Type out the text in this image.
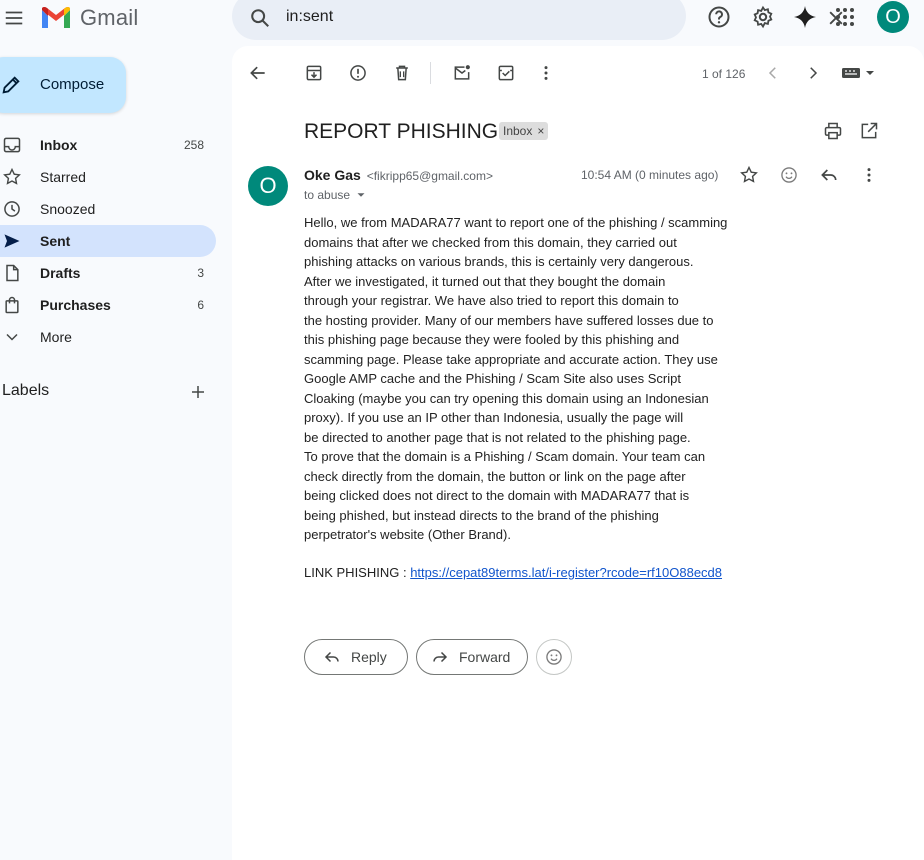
Gmail
in:sent	O
Compose
Inbox	258
Starred
Snoozed
Sent
Drafts	3
Purchases	6
More
Labels
1 of 126
REPORT PHISHING Inbox ×
O	Oke Gas <fikripp65@gmail.com>
to abuse
10:54 AM (0 minutes ago)
Hello, we from MADARA77 want to report one of the phishing / scamming
domains that after we checked from this domain, they carried out
phishing attacks on various brands, this is certainly very dangerous.
After we investigated, it turned out that they bought the domain
through your registrar. We have also tried to report this domain to
the hosting provider. Many of our members have suffered losses due to
this phishing page because they were fooled by this phishing and
scamming page. Please take appropriate and accurate action. They use
Google AMP cache and the Phishing / Scam Site also uses Script
Cloaking (maybe you can try opening this domain using an Indonesian
proxy). If you use an IP other than Indonesia, usually the page will
be directed to another page that is not related to the phishing page.
To prove that the domain is a Phishing / Scam domain. Your team can
check directly from the domain, the button or link on the page after
being clicked does not direct to the domain with MADARA77 that is
being phished, but instead directs to the brand of the phishing
perpetrator's website (Other Brand).
LINK PHISHING : https://cepat89terms.lat/i-register?rcode=rf10O88ecd8
Reply	Forward
